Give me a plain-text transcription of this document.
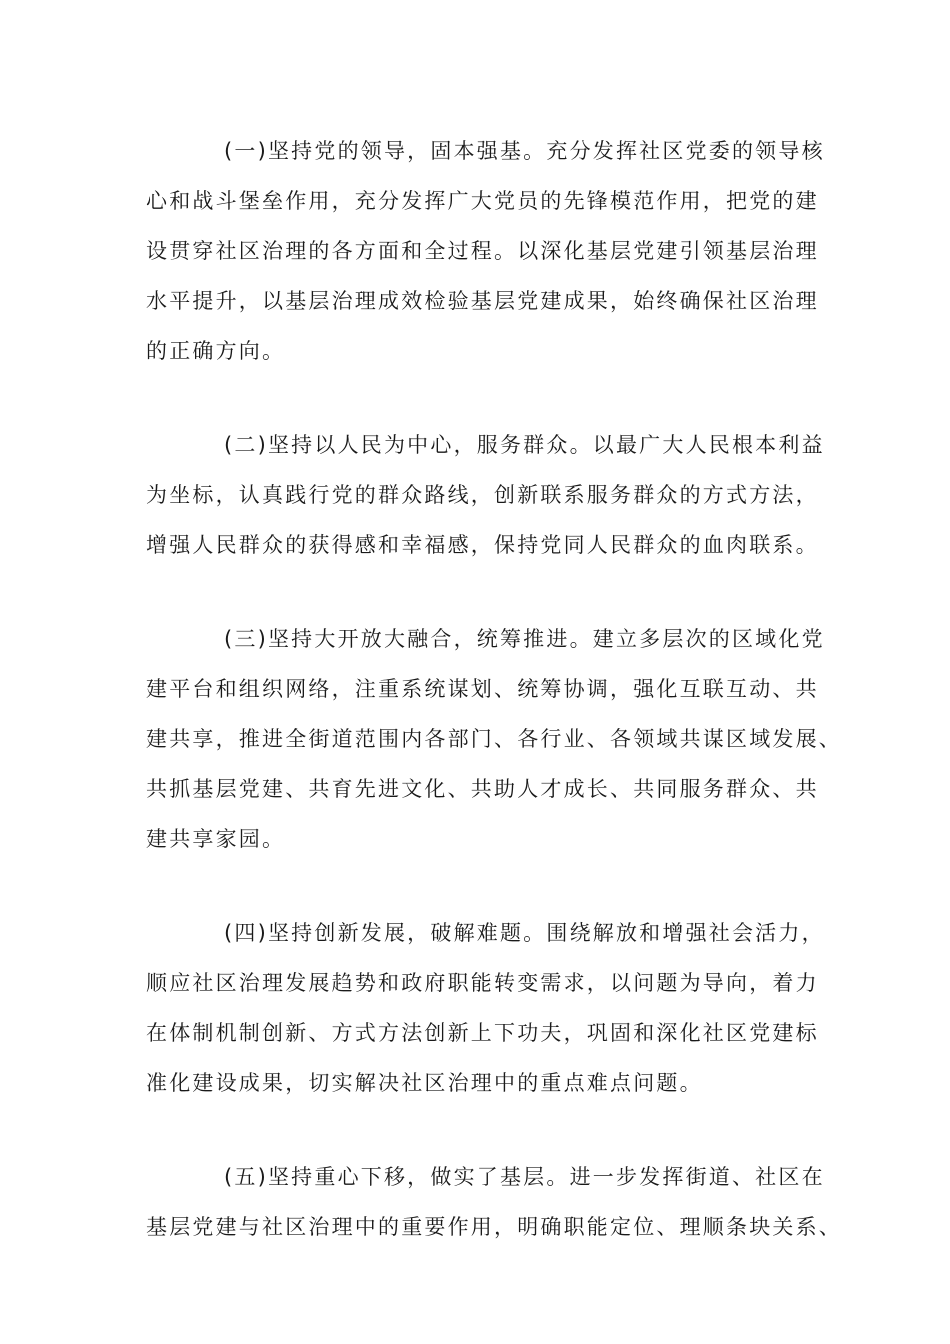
(一)坚持党的领导，固本强基。充分发挥社区党委的领导核
心和战斗堡垒作用，充分发挥广大党员的先锋模范作用，把党的建
设贯穿社区治理的各方面和全过程。以深化基层党建引领基层治理
水平提升，以基层治理成效检验基层党建成果，始终确保社区治理
的正确方向。
(二)坚持以人民为中心，服务群众。以最广大人民根本利益
为坐标，认真践行党的群众路线，创新联系服务群众的方式方法，
增强人民群众的获得感和幸福感，保持党同人民群众的血肉联系。
(三)坚持大开放大融合，统筹推进。建立多层次的区域化党
建平台和组织网络，注重系统谋划、统筹协调，强化互联互动、共
建共享，推进全街道范围内各部门、各行业、各领域共谋区域发展、
共抓基层党建、共育先进文化、共助人才成长、共同服务群众、共
建共享家园。
(四)坚持创新发展，破解难题。围绕解放和增强社会活力，
顺应社区治理发展趋势和政府职能转变需求，以问题为导向，着力
在体制机制创新、方式方法创新上下功夫，巩固和深化社区党建标
准化建设成果，切实解决社区治理中的重点难点问题。
(五)坚持重心下移，做实了基层。进一步发挥街道、社区在
基层党建与社区治理中的重要作用，明确职能定位、理顺条块关系、
